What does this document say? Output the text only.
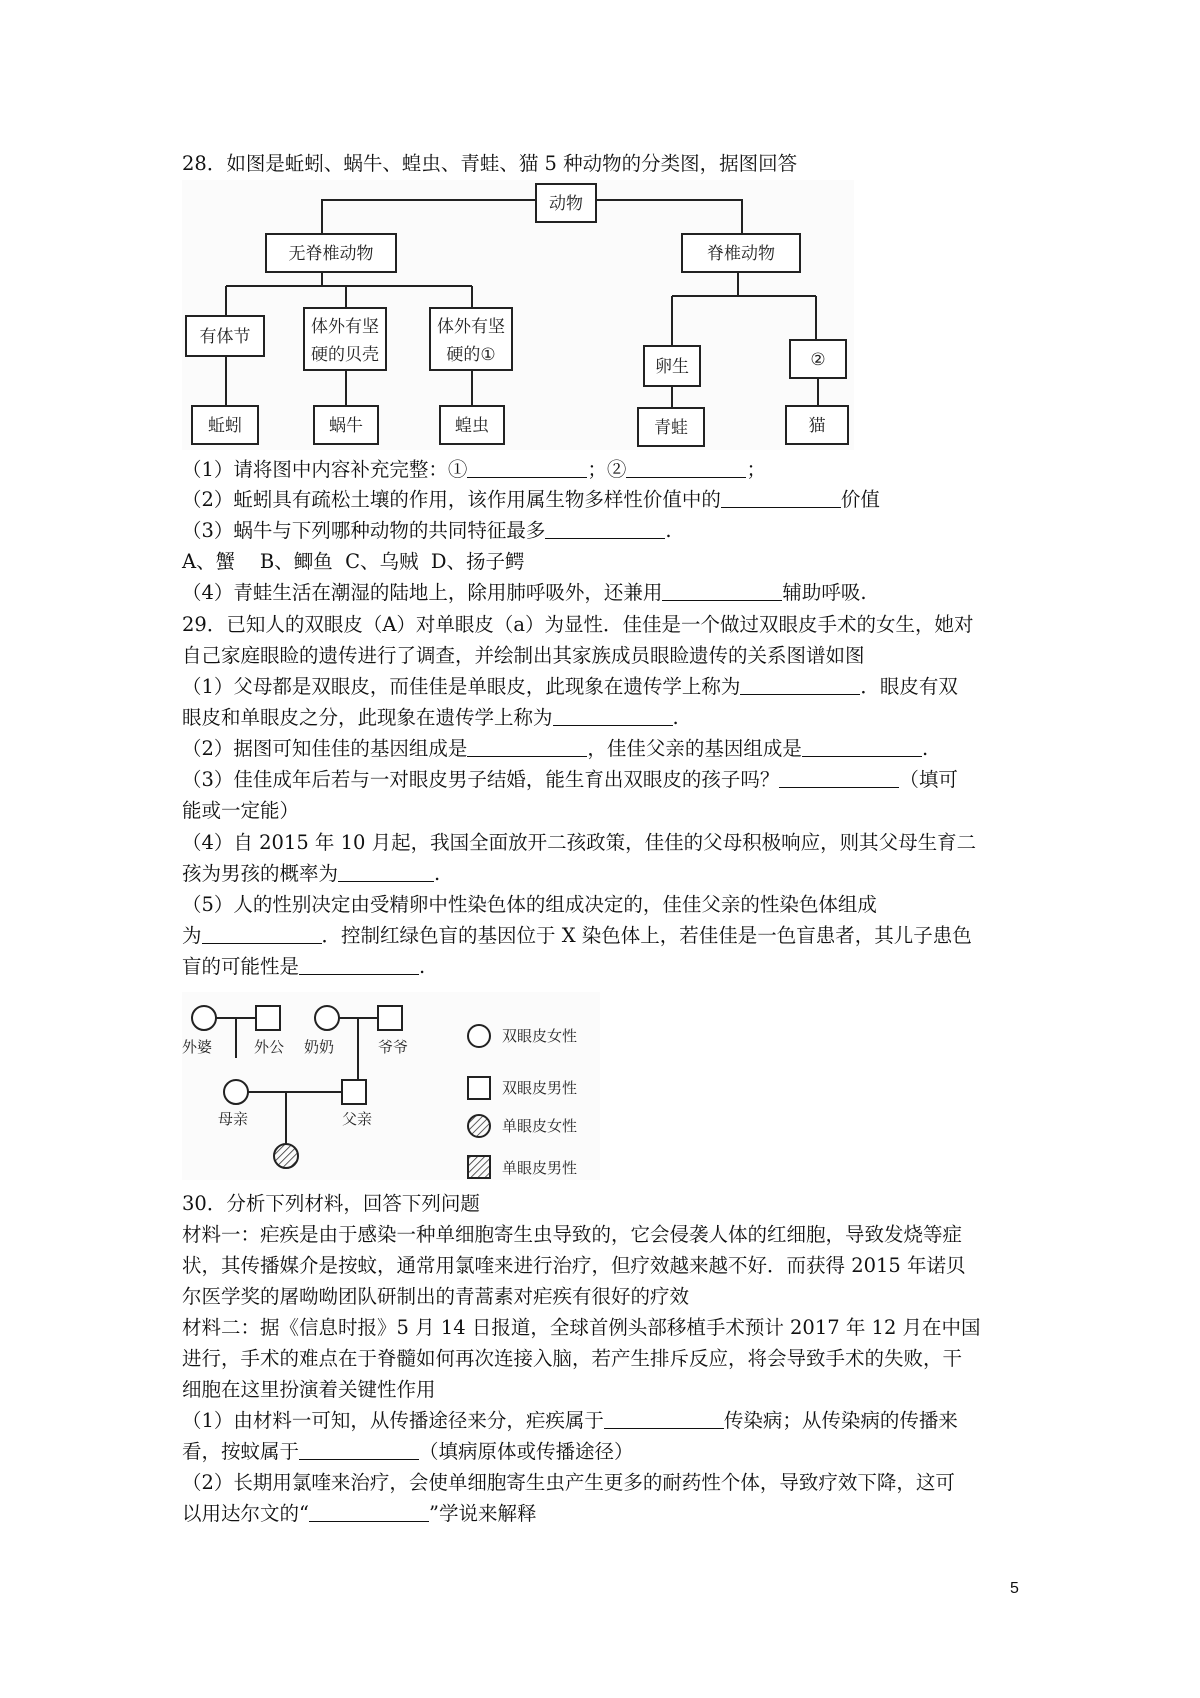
28．如图是蚯蚓、蜗牛、蝗虫、青蛙、猫 5 种动物的分类图，据图回答
动物
无脊椎动物	脊椎动物
有体节	体外有坚
硬的贝壳
体外有坚
硬的①
卵生	②
蚯蚓	蜗牛	蝗虫	青蛙	猫
（1）请将图中内容补充完整：①	；②	；
（2）蚯蚓具有疏松土壤的作用，该作用属生物多样性价值中的	价值
（3）蜗牛与下列哪种动物的共同特征最多	.
A、蟹    B、鲫鱼  C、乌贼  D、扬子鳄
（4）青蛙生活在潮湿的陆地上，除用肺呼吸外，还兼用	辅助呼吸.
29．已知人的双眼皮（A）对单眼皮（a）为显性．佳佳是一个做过双眼皮手术的女生，她对
自己家庭眼睑的遗传进行了调查，并绘制出其家族成员眼睑遗传的关系图谱如图
（1）父母都是双眼皮，而佳佳是单眼皮，此现象在遗传学上称为	．眼皮有双
眼皮和单眼皮之分，此现象在遗传学上称为	.
（2）据图可知佳佳的基因组成是	，佳佳父亲的基因组成是	.
（3）佳佳成年后若与一对眼皮男子结婚，能生育出双眼皮的孩子吗？	（填可
能或一定能）
（4）自 2015 年 10 月起，我国全面放开二孩政策，佳佳的父母积极响应，则其父母生育二
孩为男孩的概率为	.
（5）人的性别决定由受精卵中性染色体的组成决定的，佳佳父亲的性染色体组成
为	．控制红绿色盲的基因位于 X 染色体上，若佳佳是一色盲患者，其儿子患色
盲的可能性是	.
外婆	外公 奶奶	爷爷
母亲	父亲
双眼皮女性
双眼皮男性
单眼皮女性
单眼皮男性
30．分析下列材料，回答下列问题
材料一：疟疾是由于感染一种单细胞寄生虫导致的，它会侵袭人体的红细胞，导致发烧等症
状，其传播媒介是按蚊，通常用氯喹来进行治疗，但疗效越来越不好．而获得 2015 年诺贝
尔医学奖的屠呦呦团队研制出的青蒿素对疟疾有很好的疗效
材料二：据《信息时报》5 月 14 日报道，全球首例头部移植手术预计 2017 年 12 月在中国
进行，手术的难点在于脊髓如何再次连接入脑，若产生排斥反应，将会导致手术的失败，干
细胞在这里扮演着关键性作用
（1）由材料一可知，从传播途径来分，疟疾属于	传染病；从传染病的传播来
看，按蚊属于	（填病原体或传播途径）
（2）长期用氯喹来治疗，会使单细胞寄生虫产生更多的耐药性个体，导致疗效下降，这可
以用达尔文的“	”学说来解释
5
